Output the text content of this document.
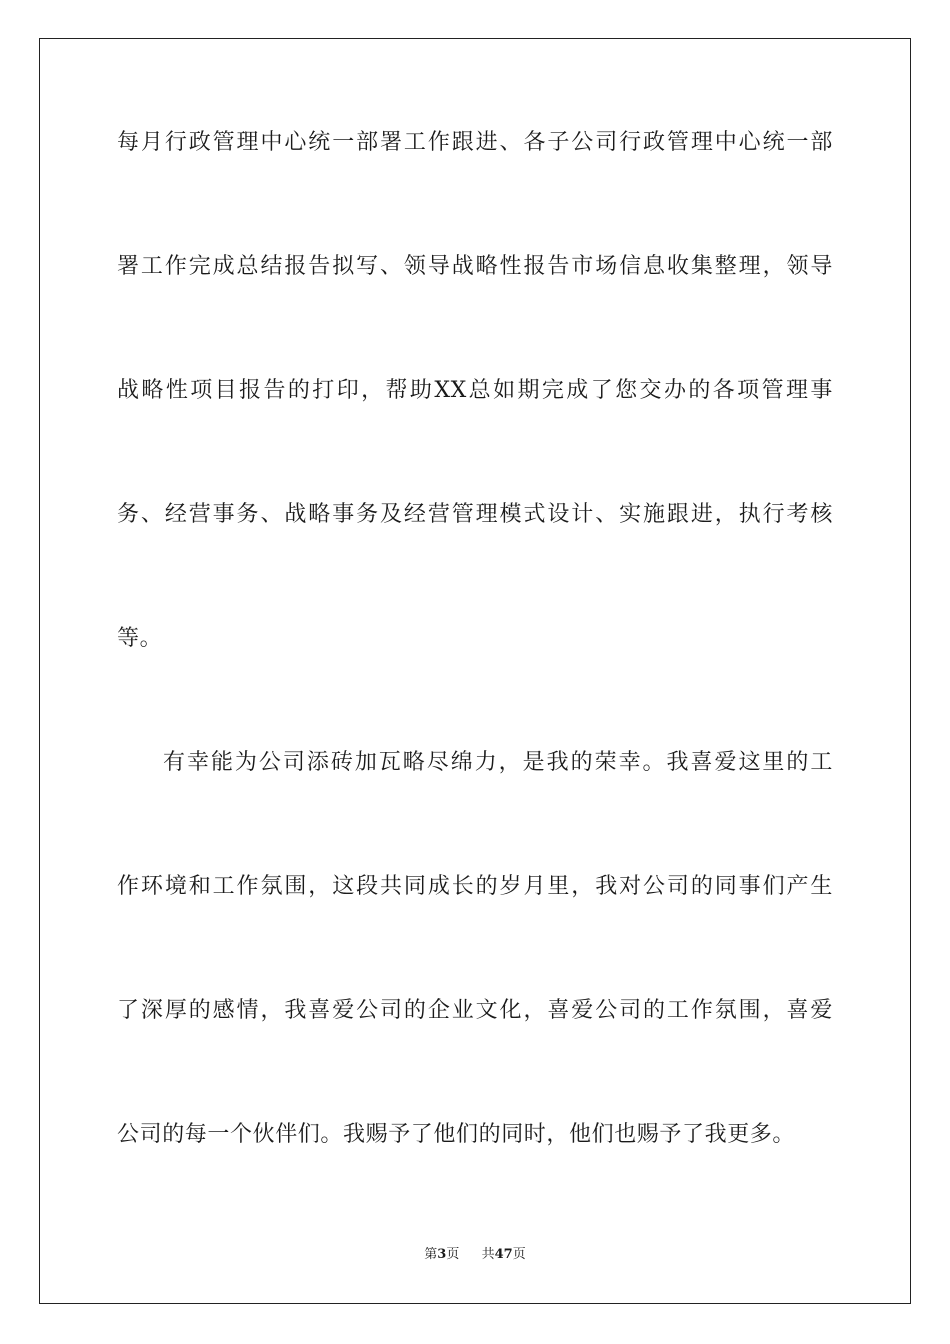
每月行政管理中心统一部署工作跟进、各子公司行政管理中心统一部
署工作完成总结报告拟写、领导战略性报告市场信息收集整理，领导
战略性项目报告的打印，帮助XX总如期完成了您交办的各项管理事
务、经营事务、战略事务及经营管理模式设计、实施跟进，执行考核
等。
有幸能为公司添砖加瓦略尽绵力，是我的荣幸。我喜爱这里的工
作环境和工作氛围，这段共同成长的岁月里，我对公司的同事们产生
了深厚的感情，我喜爱公司的企业文化，喜爱公司的工作氛围，喜爱
公司的每一个伙伴们。我赐予了他们的同时，他们也赐予了我更多。
第3页 共47页
